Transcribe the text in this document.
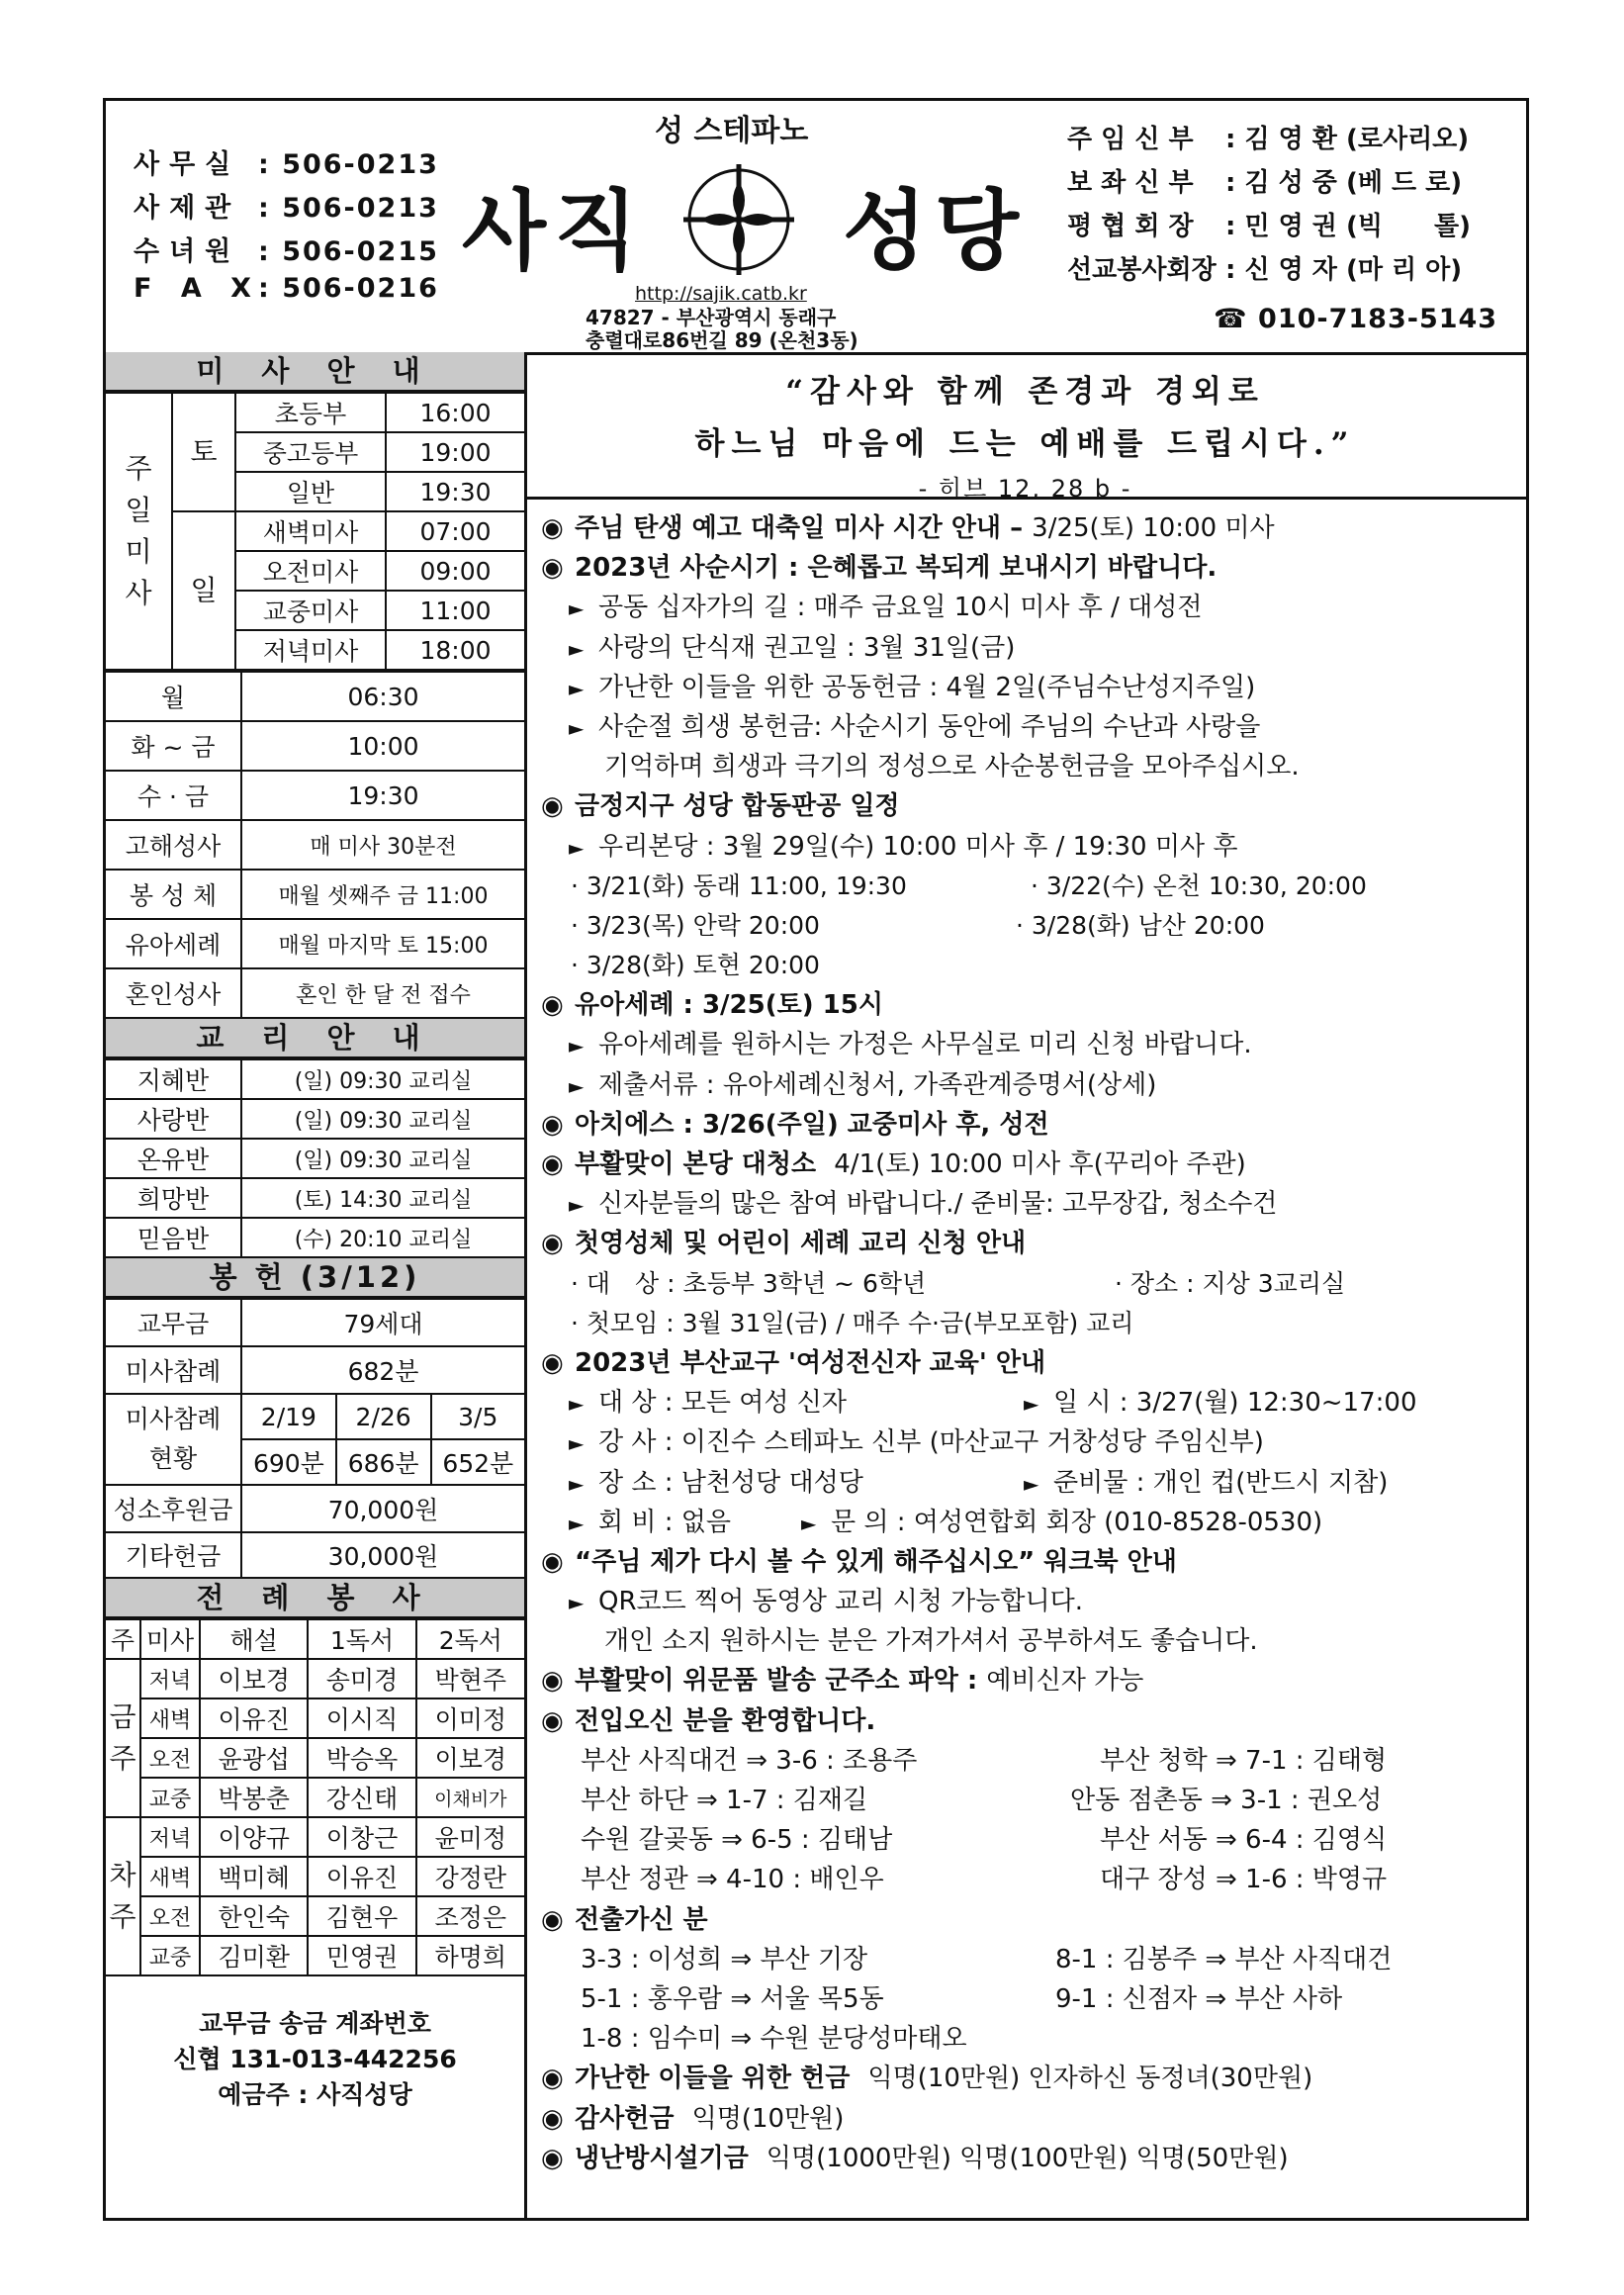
사무실 : 506-0213
사제관 : 506-0213
수녀원 : 506-0215
F A X: 506-0216
성 스테파노
사직 성당
http://sajik.catb.kr
47827 - 부산광역시 동래구
충렬대로86번길 89 (온천3동)
주 임 신 부 : 김 영 환 (로사리오)
보 좌 신 부 : 김 성 중 (베 드 로)
평 협 회 장 : 민 영 권 (빅　　톨)
선교봉사회장 : 신 영 자 (마 리 아)
☎ 010-7183-5143
미 사 안 내
주
일
미
사	토	초등부	16:00
		중고등부	19:00
		일반	19:30
	일	새벽미사	07:00
		오전미사	09:00
		교중미사	11:00
		저녁미사	18:00
월	06:30
화 ~ 금	10:00
수 · 금	19:30
고해성사	매 미사 30분전
봉 성 체	매월 셋째주 금 11:00
유아세례	매월 마지막 토 15:00
혼인성사	혼인 한 달 전 접수
교 리 안 내
지혜반	(일) 09:30 교리실
사랑반	(일) 09:30 교리실
온유반	(일) 09:30 교리실
희망반	(토) 14:30 교리실
믿음반	(수) 20:10 교리실
봉 헌 (3/12)
교무금	79세대		
미사참례	682분		
미사참례
현황	2/19	2/26	3/5
	690분	686분	652분
성소후원금	70,000원		
기타헌금	30,000원		
전 례 봉 사
주	미사	해설	1독서	2독서
금
주	저녁	이보경	송미경	박현주
	새벽	이유진	이시직	이미정
	오전	윤광섭	박승옥	이보경
	교중	박봉춘	강신태	이채비가
차
주	저녁	이양규	이창근	윤미정
	새벽	백미혜	이유진	강정란
	오전	한인숙	김현우	조정은
	교중	김미환	민영권	하명희
교무금 송금 계좌번호
신협 131-013-442256
예금주 : 사직성당
“감사와 함께 존경과 경외로
하느님 마음에 드는 예배를 드립시다.”
- 히브 12, 28 b -
◉ 주님 탄생 예고 대축일 미사 시간 안내 – 3/25(토) 10:00 미사
◉ 2023년 사순시기 : 은혜롭고 복되게 보내시기 바랍니다.
► 공동 십자가의 길 : 매주 금요일 10시 미사 후 / 대성전
► 사랑의 단식재 권고일 : 3월 31일(금)
► 가난한 이들을 위한 공동헌금 : 4월 2일(주님수난성지주일)
► 사순절 희생 봉헌금: 사순시기 동안에 주님의 수난과 사랑을
기억하며 희생과 극기의 정성으로 사순봉헌금을 모아주십시오.
◉ 금정지구 성당 합동판공 일정
► 우리본당 : 3월 29일(수) 10:00 미사 후 / 19:30 미사 후
· 3/21(화) 동래 11:00, 19:30	· 3/22(수) 온천 10:30, 20:00
· 3/23(목) 안락 20:00	· 3/28(화) 남산 20:00
· 3/28(화) 토현 20:00
◉ 유아세례 : 3/25(토) 15시
► 유아세례를 원하시는 가정은 사무실로 미리 신청 바랍니다.
► 제출서류 : 유아세례신청서, 가족관계증명서(상세)
◉ 아치에스 : 3/26(주일) 교중미사 후, 성전
◉ 부활맞이 본당 대청소 4/1(토) 10:00 미사 후(꾸리아 주관)
► 신자분들의 많은 참여 바랍니다./ 준비물: 고무장갑, 청소수건
◉ 첫영성체 및 어린이 세례 교리 신청 안내
· 대　상 : 초등부 3학년 ~ 6학년	· 장소 : 지상 3교리실
· 첫모임 : 3월 31일(금) / 매주 수·금(부모포함) 교리
◉ 2023년 부산교구 '여성전신자 교육' 안내
► 대 상 : 모든 여성 신자	► 일 시 : 3/27(월) 12:30~17:00
► 강 사 : 이진수 스테파노 신부 (마산교구 거창성당 주임신부)
► 장 소 : 남천성당 대성당	► 준비물 : 개인 컵(반드시 지참)
► 회 비 : 없음	► 문 의 : 여성연합회 회장 (010-8528-0530)
◉ “주님 제가 다시 볼 수 있게 해주십시오” 워크북 안내
► QR코드 찍어 동영상 교리 시청 가능합니다.
개인 소지 원하시는 분은 가져가셔서 공부하셔도 좋습니다.
◉ 부활맞이 위문품 발송 군주소 파악 : 예비신자 가능
◉ 전입오신 분을 환영합니다.
부산 사직대건 ⇒ 3-6 : 조용주	부산 청학 ⇒ 7-1 : 김태형
부산 하단 ⇒ 1-7 : 김재길	안동 점촌동 ⇒ 3-1 : 권오성
수원 갈곶동 ⇒ 6-5 : 김태남	부산 서동 ⇒ 6-4 : 김영식
부산 정관 ⇒ 4-10 : 배인우	대구 장성 ⇒ 1-6 : 박영규
◉ 전출가신 분
3-3 : 이성희 ⇒ 부산 기장	8-1 : 김봉주 ⇒ 부산 사직대건
5-1 : 홍우람 ⇒ 서울 목5동	9-1 : 신점자 ⇒ 부산 사하
1-8 : 임수미 ⇒ 수원 분당성마태오
◉ 가난한 이들을 위한 헌금 익명(10만원) 인자하신 동정녀(30만원)
◉ 감사헌금 익명(10만원)
◉ 냉난방시설기금 익명(1000만원) 익명(100만원) 익명(50만원)
